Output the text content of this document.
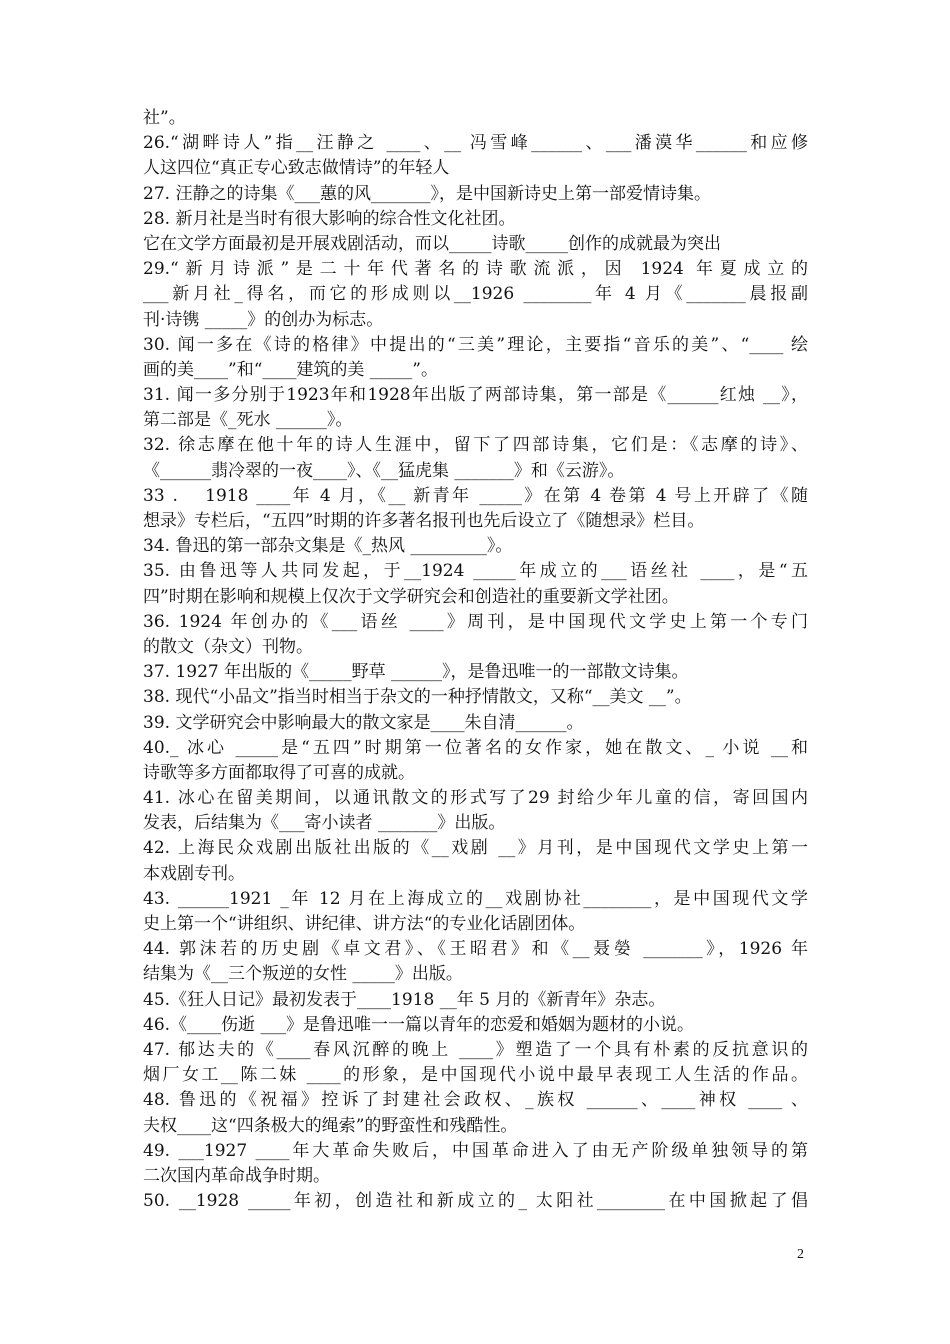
社”。
26.“湖畔诗人”指__汪静之 ____、__ 冯雪峰______、___潘漠华______和应修
人这四位“真正专心致志做情诗”的年轻人
27. 汪静之的诗集《___蕙的风_______》，是中国新诗史上第一部爱情诗集。
28. 新月社是当时有很大影响的综合性文化社团。
它在文学方面最初是开展戏剧活动，而以_____诗歌_____创作的成就最为突出
29.“新月诗派”是二十年代著名的诗歌流派，因 1924 年夏成立的
___新月社_得名，而它的形成则以__1926 ________年 4 月《_______晨报副
刊·诗镌 _____》的创办为标志。
30. 闻一多在《诗的格律》中提出的“三美”理论，主要指“音乐的美”、“____ 绘
画的美____”和“____建筑的美 _____”。
31. 闻一多分别于1923年和1928年出版了两部诗集，第一部是《______红烛 __》，
第二部是《_死水 ______》。
32. 徐志摩在他十年的诗人生涯中，留下了四部诗集，它们是：《志摩的诗》、
《______翡冷翠的一夜____》、《__猛虎集 _______》和《云游》。
33 . 　1918 ____年 4 月，《__ 新青年 _____》在第 4 卷第 4 号上开辟了《随
想录》专栏后，“五四”时期的许多著名报刊也先后设立了《随想录》栏目。
34. 鲁迅的第一部杂文集是《_热风 _________》。
35. 由鲁迅等人共同发起，于__1924 _____年成立的___语丝社 ____，是“五
四”时期在影响和规模上仅次于文学研究会和创造社的重要新文学社团。
36. 1924 年创办的《___语丝 ____》周刊，是中国现代文学史上第一个专门
的散文（杂文）刊物。
37. 1927 年出版的《_____野草 ______》，是鲁迅唯一的一部散文诗集。
38. 现代“小品文”指当时相当于杂文的一种抒情散文，又称“__美文 __”。
39. 文学研究会中影响最大的散文家是____朱自清______。
40._ 冰心 _____是“五四”时期第一位著名的女作家，她在散文、_ 小说 __和
诗歌等多方面都取得了可喜的成就。
41. 冰心在留美期间，以通讯散文的形式写了29 封给少年儿童的信，寄回国内
发表，后结集为《___寄小读者 _______》出版。
42. 上海民众戏剧出版社出版的《__戏剧 __》月刊，是中国现代文学史上第一
本戏剧专刊。
43. ______1921 _年 12 月在上海成立的__戏剧协社________，是中国现代文学
史上第一个“讲组织、讲纪律、讲方法“的专业化话剧团体。
44. 郭沫若的历史剧《卓文君》、《王昭君》和《__聂嫈 _______》，1926 年
结集为《__三个叛逆的女性 _____》出版。
45.《狂人日记》最初发表于____1918 __年 5 月的《新青年》杂志。
46.《____伤逝 ___》是鲁迅唯一一篇以青年的恋爱和婚姻为题材的小说。
47. 郁达夫的《____春风沉醉的晚上 ____》塑造了一个具有朴素的反抗意识的
烟厂女工__陈二妹 ____的形象，是中国现代小说中最早表现工人生活的作品。
48. 鲁迅的《祝福》控诉了封建社会政权、_族权 ______、____神权 ____ 、
夫权____这“四条极大的绳索”的野蛮性和残酷性。
49. ___1927 ____年大革命失败后，中国革命进入了由无产阶级单独领导的第
二次国内革命战争时期。
50. __1928 _____年初，创造社和新成立的_ 太阳社________在中国掀起了倡
2
